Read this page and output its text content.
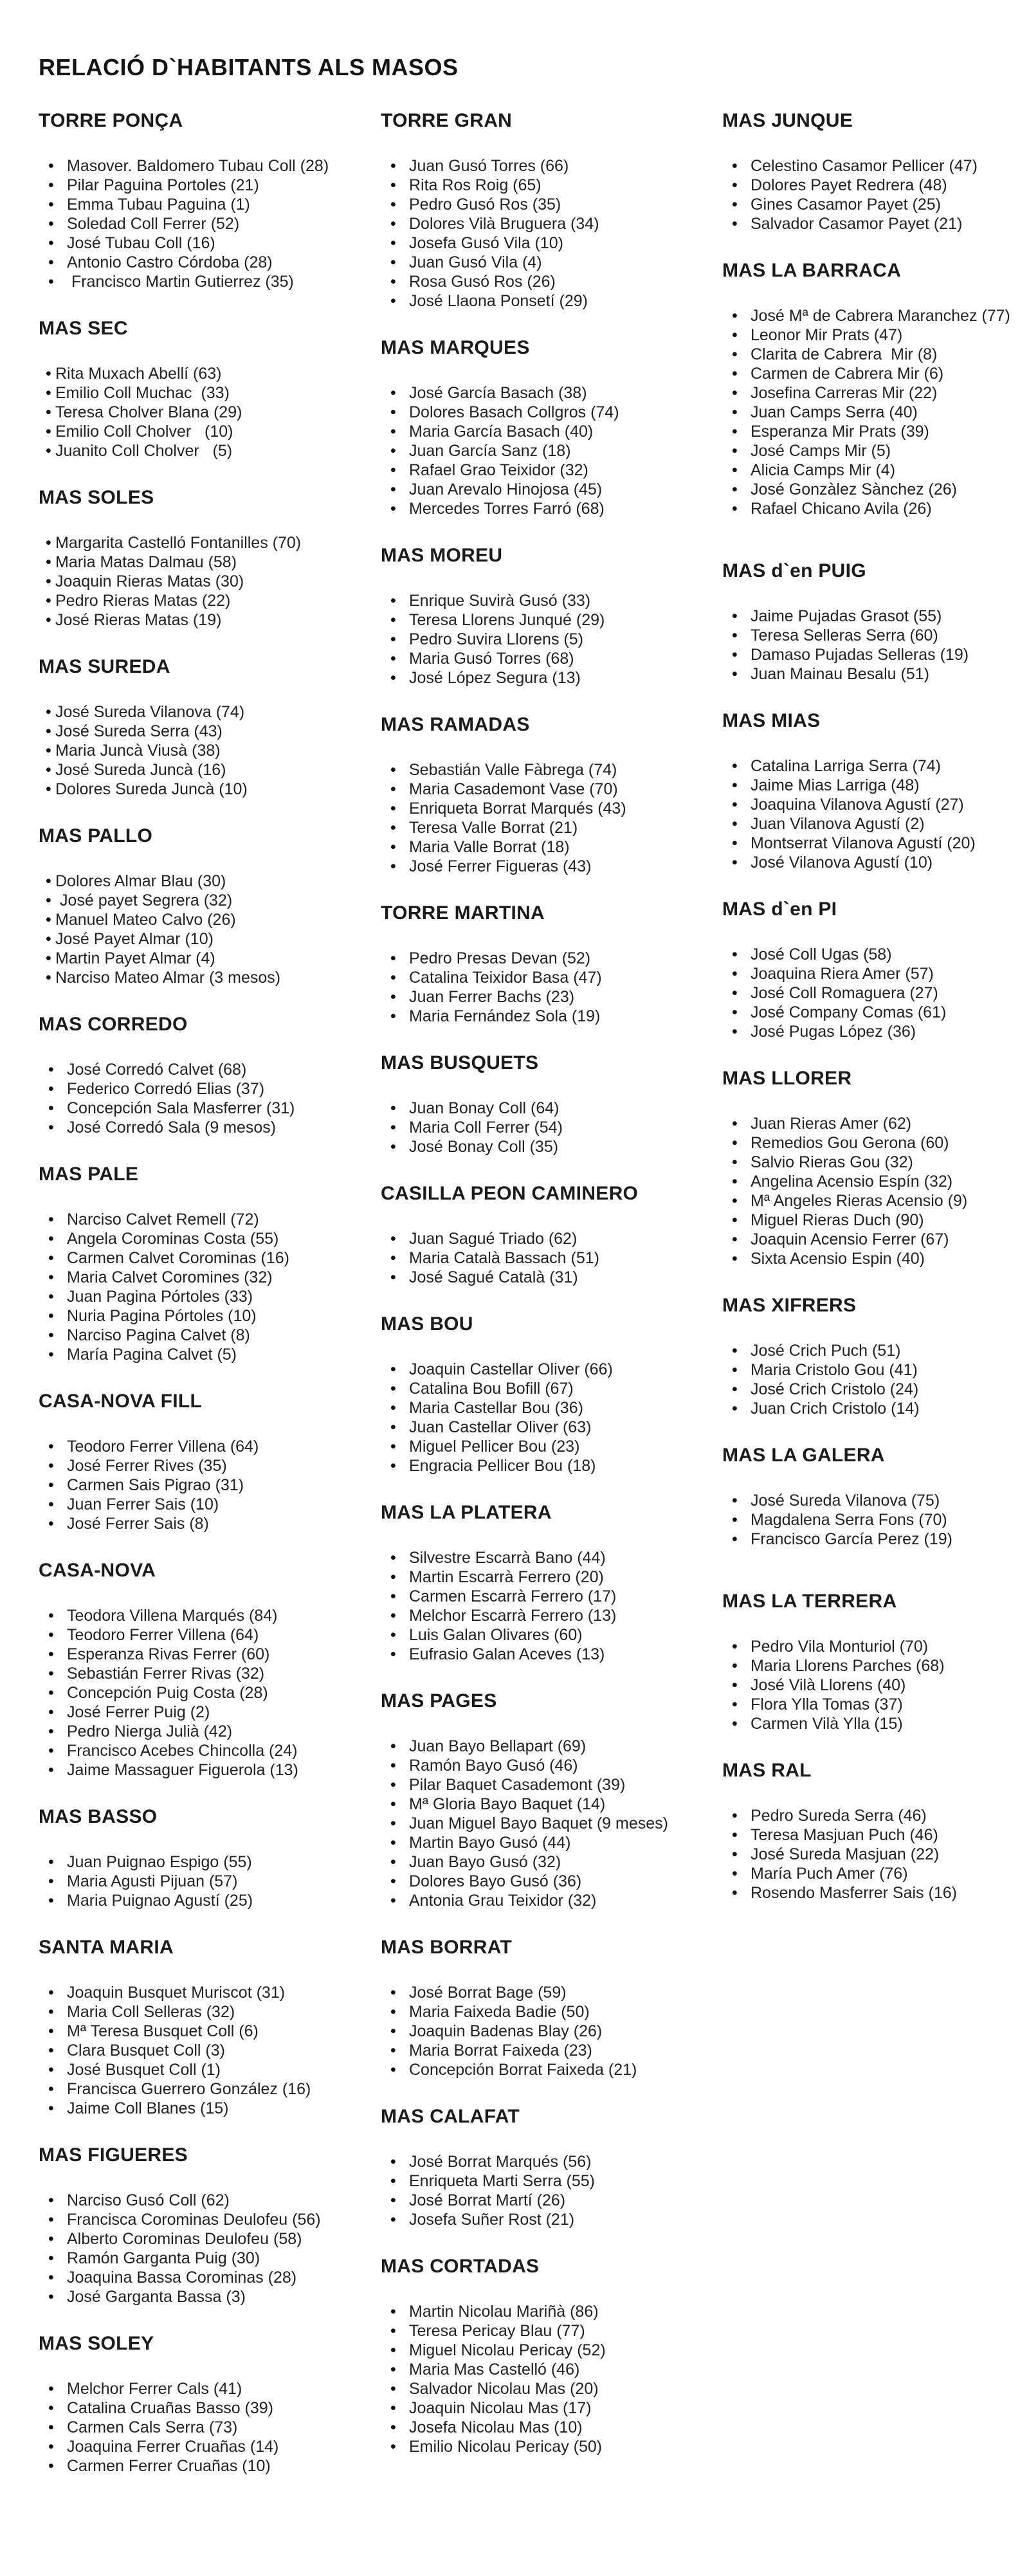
RELACIÓ D`HABITANTS ALS MASOS
TORRE PONÇA
• Masover. Baldomero Tubau Coll (28)
• Pilar Paguina Portoles (21)
• Emma Tubau Paguina (1)
• Soledad Coll Ferrer (52)
• José Tubau Coll (16)
• Antonio Castro Córdoba (28)
• Francisco Martin Gutierrez (35)
MAS SEC
• Rita Muxach Abellí (63)
• Emilio Coll Muchac  (33)
• Teresa Cholver Blana (29)
• Emilio Coll Cholver   (10)
• Juanito Coll Cholver   (5)
MAS SOLES
• Margarita Castelló Fontanilles (70)
• Maria Matas Dalmau (58)
• Joaquin Rieras Matas (30)
• Pedro Rieras Matas (22)
• José Rieras Matas (19)
MAS SUREDA
• José Sureda Vilanova (74)
• José Sureda Serra (43)
• Maria Juncà Viusà (38)
• José Sureda Juncà (16)
• Dolores Sureda Juncà (10)
MAS PALLO
• Dolores Almar Blau (30)
• José payet Segrera (32)
• Manuel Mateo Calvo (26)
• José Payet Almar (10)
• Martin Payet Almar (4)
• Narciso Mateo Almar (3 mesos)
MAS CORREDO
• José Corredó Calvet (68)
• Federico Corredó Elias (37)
• Concepción Sala Masferrer (31)
• José Corredó Sala (9 mesos)
MAS PALE
• Narciso Calvet Remell (72)
• Angela Corominas Costa (55)
• Carmen Calvet Corominas (16)
• Maria Calvet Coromines (32)
• Juan Pagina Pórtoles (33)
• Nuria Pagina Pórtoles (10)
• Narciso Pagina Calvet (8)
• María Pagina Calvet (5)
CASA-NOVA FILL
• Teodoro Ferrer Villena (64)
• José Ferrer Rives (35)
• Carmen Sais Pigrao (31)
• Juan Ferrer Sais (10)
• José Ferrer Sais (8)
CASA-NOVA
• Teodora Villena Marqués (84)
• Teodoro Ferrer Villena (64)
• Esperanza Rivas Ferrer (60)
• Sebastián Ferrer Rivas (32)
• Concepción Puig Costa (28)
• José Ferrer Puig (2)
• Pedro Nierga Julià (42)
• Francisco Acebes Chincolla (24)
• Jaime Massaguer Figuerola (13)
MAS BASSO
• Juan Puignao Espigo (55)
• Maria Agusti Pijuan (57)
• Maria Puignao Agustí (25)
SANTA MARIA
• Joaquin Busquet Muriscot (31)
• Maria Coll Selleras (32)
• Mª Teresa Busquet Coll (6)
• Clara Busquet Coll (3)
• José Busquet Coll (1)
• Francisca Guerrero González (16)
• Jaime Coll Blanes (15)
MAS FIGUERES
• Narciso Gusó Coll (62)
• Francisca Corominas Deulofeu (56)
• Alberto Corominas Deulofeu (58)
• Ramón Garganta Puig (30)
• Joaquina Bassa Corominas (28)
• José Garganta Bassa (3)
MAS SOLEY
• Melchor Ferrer Cals (41)
• Catalina Cruañas Basso (39)
• Carmen Cals Serra (73)
• Joaquina Ferrer Cruañas (14)
• Carmen Ferrer Cruañas (10)
TORRE GRAN
• Juan Gusó Torres (66)
• Rita Ros Roig (65)
• Pedro Gusó Ros (35)
• Dolores Vilà Bruguera (34)
• Josefa Gusó Vila (10)
• Juan Gusó Vila (4)
• Rosa Gusó Ros (26)
• José Llaona Ponsetí (29)
MAS MARQUES
• José García Basach (38)
• Dolores Basach Collgros (74)
• Maria García Basach (40)
• Juan García Sanz (18)
• Rafael Grao Teixidor (32)
• Juan Arevalo Hinojosa (45)
• Mercedes Torres Farró (68)
MAS MOREU
• Enrique Suvirà Gusó (33)
• Teresa Llorens Junqué (29)
• Pedro Suvira Llorens (5)
• Maria Gusó Torres (68)
• José López Segura (13)
MAS RAMADAS
• Sebastián Valle Fàbrega (74)
• Maria Casademont Vase (70)
• Enriqueta Borrat Marqués (43)
• Teresa Valle Borrat (21)
• Maria Valle Borrat (18)
• José Ferrer Figueras (43)
TORRE MARTINA
• Pedro Presas Devan (52)
• Catalina Teixidor Basa (47)
• Juan Ferrer Bachs (23)
• Maria Fernández Sola (19)
MAS BUSQUETS
• Juan Bonay Coll (64)
• Maria Coll Ferrer (54)
• José Bonay Coll (35)
CASILLA PEON CAMINERO
• Juan Sagué Triado (62)
• Maria Català Bassach (51)
• José Sagué Català (31)
MAS BOU
• Joaquin Castellar Oliver (66)
• Catalina Bou Bofill (67)
• Maria Castellar Bou (36)
• Juan Castellar Oliver (63)
• Miguel Pellicer Bou (23)
• Engracia Pellicer Bou (18)
MAS LA PLATERA
• Silvestre Escarrà Bano (44)
• Martin Escarrà Ferrero (20)
• Carmen Escarrà Ferrero (17)
• Melchor Escarrà Ferrero (13)
• Luis Galan Olivares (60)
• Eufrasio Galan Aceves (13)
MAS PAGES
• Juan Bayo Bellapart (69)
• Ramón Bayo Gusó (46)
• Pilar Baquet Casademont (39)
• Mª Gloria Bayo Baquet (14)
• Juan Miguel Bayo Baquet (9 meses)
• Martin Bayo Gusó (44)
• Juan Bayo Gusó (32)
• Dolores Bayo Gusó (36)
• Antonia Grau Teixidor (32)
MAS BORRAT
• José Borrat Bage (59)
• Maria Faixeda Badie (50)
• Joaquin Badenas Blay (26)
• Maria Borrat Faixeda (23)
• Concepción Borrat Faixeda (21)
MAS CALAFAT
• José Borrat Marqués (56)
• Enriqueta Marti Serra (55)
• José Borrat Martí (26)
• Josefa Suñer Rost (21)
MAS CORTADAS
• Martin Nicolau Mariñà (86)
• Teresa Pericay Blau (77)
• Miguel Nicolau Pericay (52)
• Maria Mas Castelló (46)
• Salvador Nicolau Mas (20)
• Joaquin Nicolau Mas (17)
• Josefa Nicolau Mas (10)
• Emilio Nicolau Pericay (50)
MAS JUNQUE
• Celestino Casamor Pellicer (47)
• Dolores Payet Redrera (48)
• Gines Casamor Payet (25)
• Salvador Casamor Payet (21)
MAS LA BARRACA
• José Mª de Cabrera Maranchez (77)
• Leonor Mir Prats (47)
• Clarita de Cabrera  Mir (8)
• Carmen de Cabrera Mir (6)
• Josefina Carreras Mir (22)
• Juan Camps Serra (40)
• Esperanza Mir Prats (39)
• José Camps Mir (5)
• Alicia Camps Mir (4)
• José Gonzàlez Sànchez (26)
• Rafael Chicano Avila (26)
MAS d`en PUIG
• Jaime Pujadas Grasot (55)
• Teresa Selleras Serra (60)
• Damaso Pujadas Selleras (19)
• Juan Mainau Besalu (51)
MAS MIAS
• Catalina Larriga Serra (74)
• Jaime Mias Larriga (48)
• Joaquina Vilanova Agustí (27)
• Juan Vilanova Agustí (2)
• Montserrat Vilanova Agustí (20)
• José Vilanova Agustí (10)
MAS d`en PI
• José Coll Ugas (58)
• Joaquina Riera Amer (57)
• José Coll Romaguera (27)
• José Company Comas (61)
• José Pugas López (36)
MAS LLORER
• Juan Rieras Amer (62)
• Remedios Gou Gerona (60)
• Salvio Rieras Gou (32)
• Angelina Acensio Espín (32)
• Mª Angeles Rieras Acensio (9)
• Miguel Rieras Duch (90)
• Joaquin Acensio Ferrer (67)
• Sixta Acensio Espin (40)
MAS XIFRERS
• José Crich Puch (51)
• Maria Cristolo Gou (41)
• José Crich Cristolo (24)
• Juan Crich Cristolo (14)
MAS LA GALERA
• José Sureda Vilanova (75)
• Magdalena Serra Fons (70)
• Francisco García Perez (19)
MAS LA TERRERA
• Pedro Vila Monturiol (70)
• Maria Llorens Parches (68)
• José Vilà Llorens (40)
• Flora Ylla Tomas (37)
• Carmen Vilà Ylla (15)
MAS RAL
• Pedro Sureda Serra (46)
• Teresa Masjuan Puch (46)
• José Sureda Masjuan (22)
• María Puch Amer (76)
• Rosendo Masferrer Sais (16)
